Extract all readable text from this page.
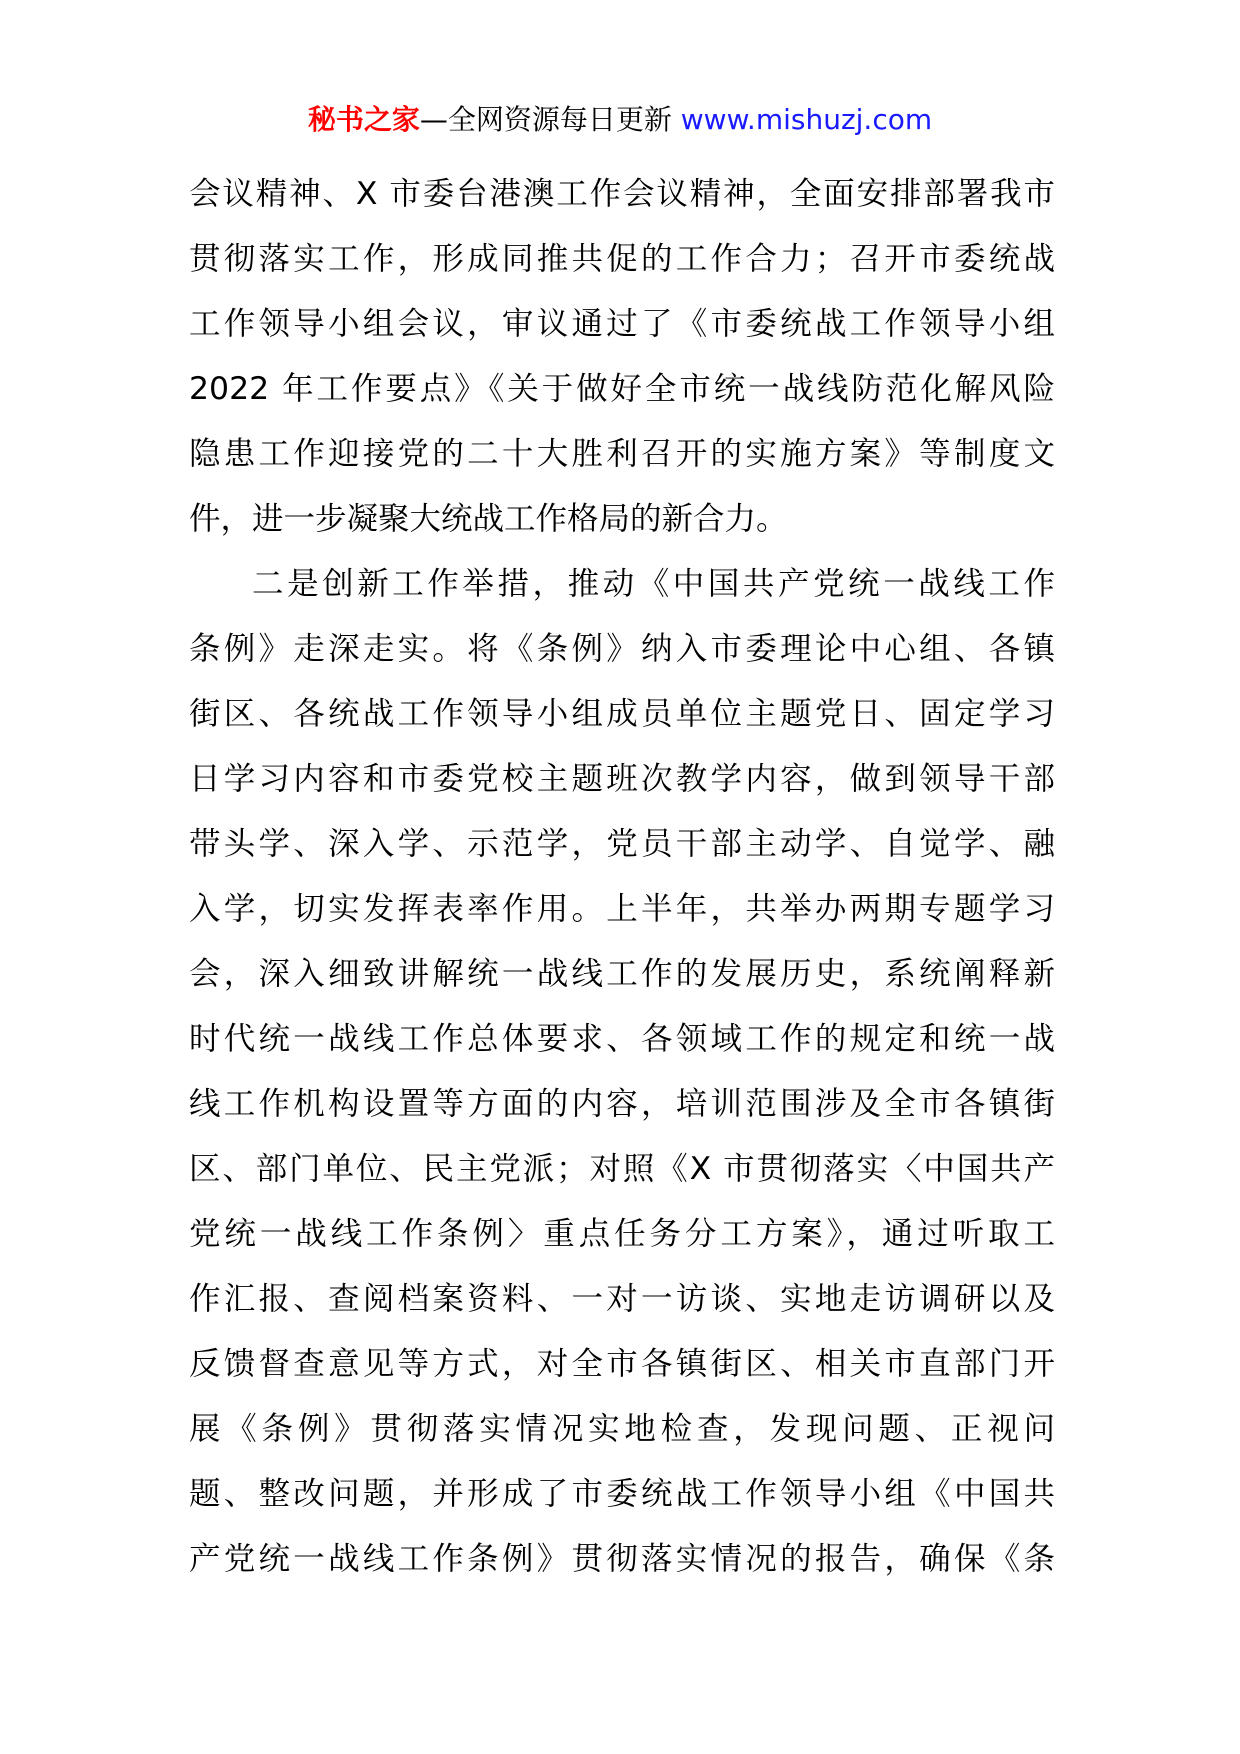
秘书之家—全网资源每日更新 www.mishuzj.com
会议精神、X 市委台港澳工作会议精神，全面安排部署我市
贯彻落实工作，形成同推共促的工作合力；召开市委统战
工作领导小组会议，审议通过了《市委统战工作领导小组
2022 年工作要点》《关于做好全市统一战线防范化解风险
隐患工作迎接党的二十大胜利召开的实施方案》等制度文
件，进一步凝聚大统战工作格局的新合力。
二是创新工作举措，推动《中国共产党统一战线工作
条例》走深走实。将《条例》纳入市委理论中心组、各镇
街区、各统战工作领导小组成员单位主题党日、固定学习
日学习内容和市委党校主题班次教学内容，做到领导干部
带头学、深入学、示范学，党员干部主动学、自觉学、融
入学，切实发挥表率作用。上半年，共举办两期专题学习
会，深入细致讲解统一战线工作的发展历史，系统阐释新
时代统一战线工作总体要求、各领域工作的规定和统一战
线工作机构设置等方面的内容，培训范围涉及全市各镇街
区、部门单位、民主党派；对照《X 市贯彻落实〈中国共产
党统一战线工作条例〉重点任务分工方案》，通过听取工
作汇报、查阅档案资料、一对一访谈、实地走访调研以及
反馈督查意见等方式，对全市各镇街区、相关市直部门开
展《条例》贯彻落实情况实地检查，发现问题、正视问
题、整改问题，并形成了市委统战工作领导小组《中国共
产党统一战线工作条例》贯彻落实情况的报告，确保《条
